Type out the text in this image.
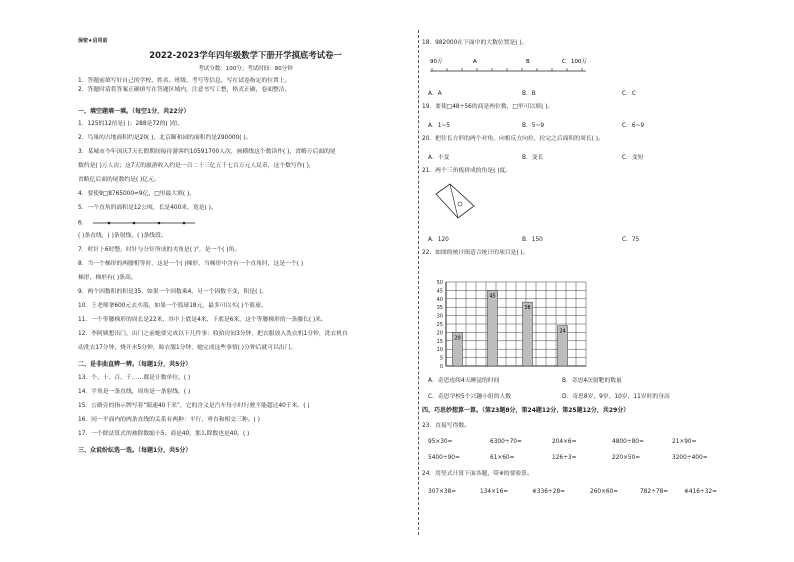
保密★启用前
2022-2023学年四年级数学下册开学摸底考试卷一
考试分数：100分；考试时间：80分钟
1．答题前填写好自己的学校、姓名、班级、考号等信息，写在试卷指定的位置上。
2．答题时请将答案正确填写在答题区域内，注意书写工整，格式正确，卷面整洁。
一、填空题填一填。（每空1分，共22分）
1．125的12倍是( )；288是72的( )倍。
2．鸟巢的占地面积约是20( )，北京颐和园的面积约是290000( )。
3．某城市今年国庆7天长假期间接待游客约10591700人次，画横线这个数读作( )，省略万后面的尾
数约是( )万人次；这7天的旅游收入约是一百二十三亿五千七百万元人民币，这个数写作( )，
省略亿后面的尾数约是( )亿元。
4．要使9□8765000≈9亿，□里最大填( )。
5．一个直角的面积是12公顷，长是400米，宽是( )。
6．
( )条直线，( )条射线，( )条线段。
7．时针上6时整，时针与分针所成的夹角是( )°，是一个( )角。
8．当一个梯形的两腰相等时，这是一个( )梯形，当梯形中含有一个直角时，这是一个( )
梯形，梯形有( )条高。
9．两个因数积的积是35，如果一个因数乘4，另一个因数不变，积是( )。
10．王老师拿600元去买篮，如果一个篮球18元，最多可以买( )个篮球。
11．一个等腰梯形的周长是22米，其中上底是4米，下底是6米，这个等腰梯形的一条腰长( )米。
12．李阿姨想出门，出门之前她要完成以下几件事：收拾房间3分钟，把衣服放入洗衣机1分钟，洗衣机自
动洗衣17分钟，烧开水5分钟，晾衣服1分钟，她完成这些事情( )分钟后就可以出门。
二、是非曲直辨一辨。（每题1分，共5分）
13．个、十、百、千……都是计数单位。( )
14．平角是一条直线，周角是一条射线。( )
15．公路旁的指示牌写着“限速40千米”，它的含义是汽车每小时行驶不能超过40千米。( )
16．同一平面内的两条直线的关系有两种：平行、垂直和相交三种。( )
17．一个除法算式的被除数缩小5，商是40，那么除数也是40。( )
三、众说纷纭选一选。（每题1分，共5分）
18．982000在下面中的大数位置是( )。
90万	100万
A	B	C
A．A	B．B	C．C
19．要使□48÷56的商是两位数，□里可以填( )。
A．1~5	B．5~9	C．6~9
20．把往长方形的两个对角，向相反方向拉，拉完之后面积的周长( )。
A．不变	B．变长	C．变短
21．两个三角板拼成的角是( )度。
A．120	B．150	C．75
22．如图的统计图适合统计的项目是( )。
0
5
10
15
20
25
30
35
40
45
50
20
45
38
24
A．奇思连续4天睡觉的时间	B．奇思4次射靶的数量
C．奇思学校5个兴趣小组的人数	D．奇思8岁、9岁、10岁、11岁时的身高
四、巧思妙想算一算。（第23题8分，第24题12分，第25题12分，共29分）
23．直接写得数。
95×30=	6300÷70=	204×6=	4800÷80=	21×90=
5400÷90=	61×60=	126÷3=	220×50=	3200÷400=
24．用竖式计算下面各题，带※的要验算。
307×38=	134×16=	※336÷28=	260×60=	782÷78=	※416÷32=
